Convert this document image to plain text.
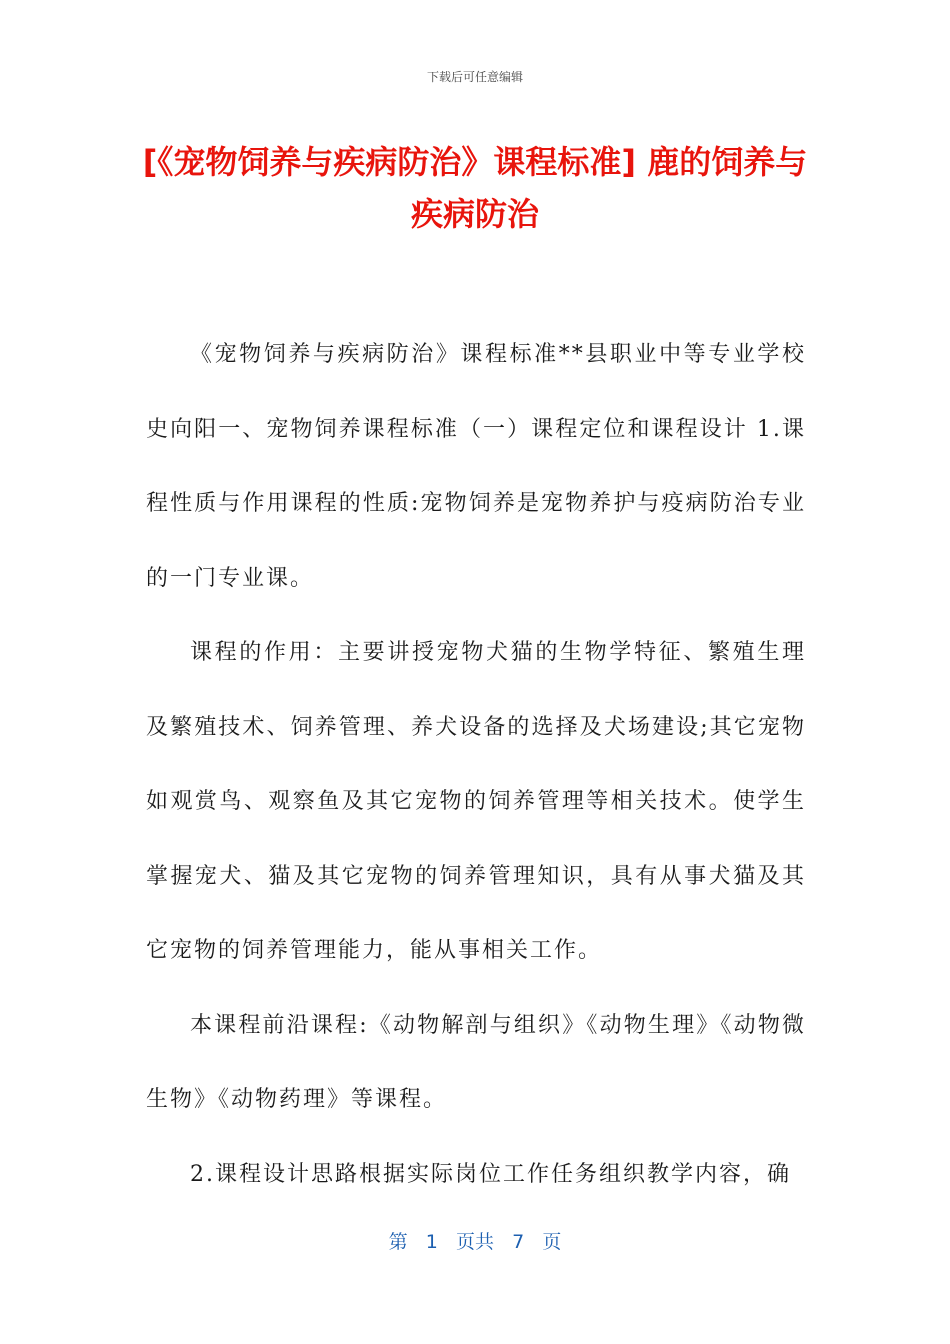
下载后可任意编辑
[《宠物饲养与疾病防治》课程标准] 鹿的饲养与疾病防治

《宠物饲养与疾病防治》课程标准**县职业中等专业学校史向阳一、宠物饲养课程标准（一）课程定位和课程设计 1.课程性质与作用课程的性质:宠物饲养是宠物养护与疫病防治专业的一门专业课。

课程的作用：主要讲授宠物犬猫的生物学特征、繁殖生理及繁殖技术、饲养管理、养犬设备的选择及犬场建设;其它宠物如观赏鸟、观察鱼及其它宠物的饲养管理等相关技术。使学生掌握宠犬、猫及其它宠物的饲养管理知识，具有从事犬猫及其它宠物的饲养管理能力，能从事相关工作。

本课程前沿课程:《动物解剖与组织》《动物生理》《动物微生物》《动物药理》等课程。

2.课程设计思路根据实际岗位工作任务组织教学内容，确

第 1 页共 7 页
